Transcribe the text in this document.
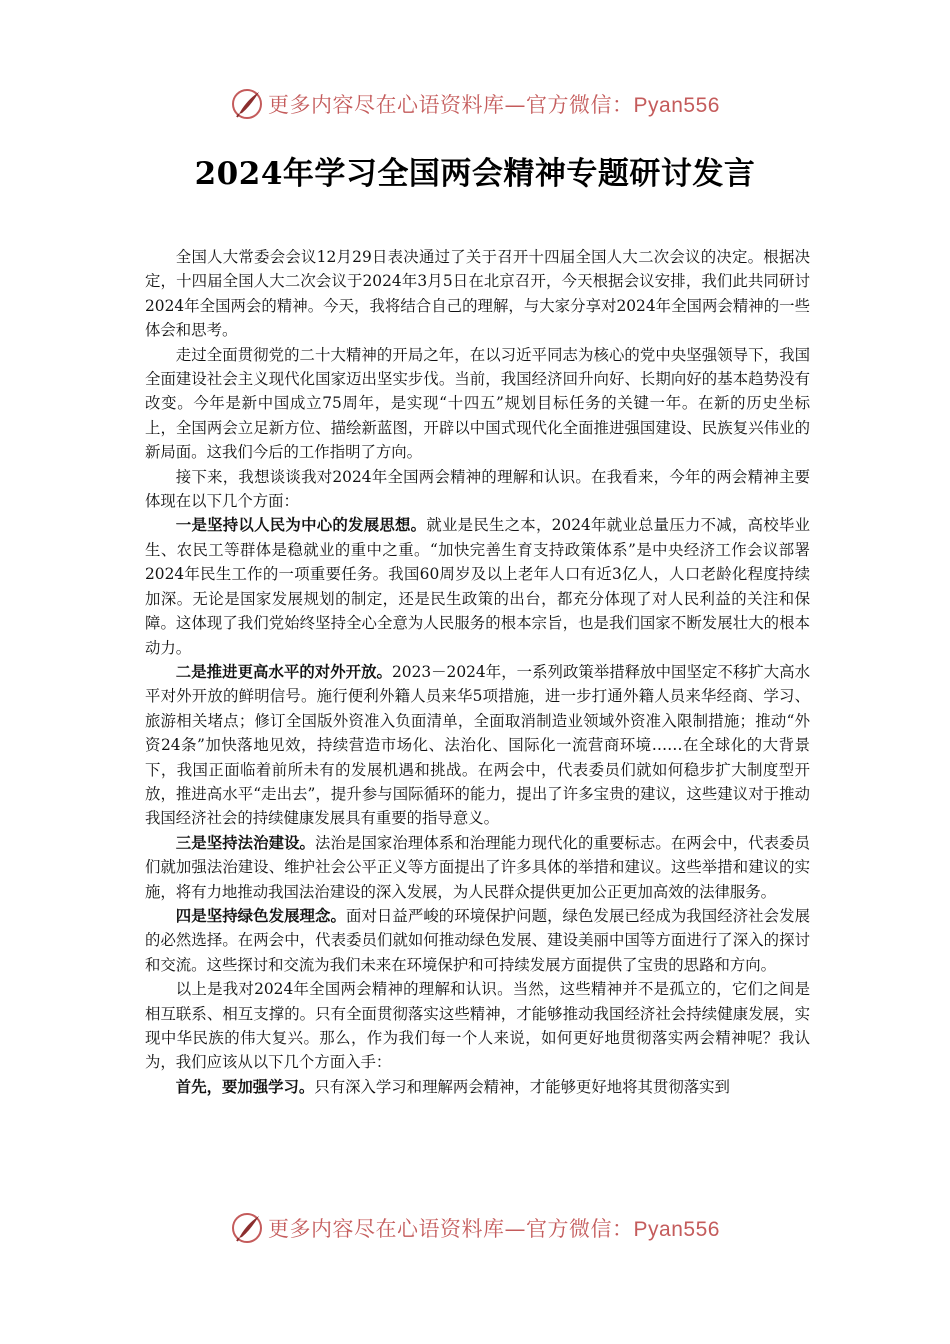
更多内容尽在心语资料库—官方微信：Pyan556
2024年学习全国两会精神专题研讨发言

全国人大常委会会议12月29日表决通过了关于召开十四届全国人大二次会议的决定。根据决定，十四届全国人大二次会议于2024年3月5日在北京召开，今天根据会议安排，我们此共同研讨2024年全国两会的精神。今天，我将结合自己的理解，与大家分享对2024年全国两会精神的一些体会和思考。

走过全面贯彻党的二十大精神的开局之年，在以习近平同志为核心的党中央坚强领导下，我国全面建设社会主义现代化国家迈出坚实步伐。当前，我国经济回升向好、长期向好的基本趋势没有改变。今年是新中国成立75周年，是实现“十四五”规划目标任务的关键一年。在新的历史坐标上，全国两会立足新方位、描绘新蓝图，开辟以中国式现代化全面推进强国建设、民族复兴伟业的新局面。这我们今后的工作指明了方向。

接下来，我想谈谈我对2024年全国两会精神的理解和认识。在我看来，今年的两会精神主要体现在以下几个方面：

一是坚持以人民为中心的发展思想。就业是民生之本，2024年就业总量压力不减，高校毕业生、农民工等群体是稳就业的重中之重。“加快完善生育支持政策体系”是中央经济工作会议部署2024年民生工作的一项重要任务。我国60周岁及以上老年人口有近3亿人，人口老龄化程度持续加深。无论是国家发展规划的制定，还是民生政策的出台，都充分体现了对人民利益的关注和保障。这体现了我们党始终坚持全心全意为人民服务的根本宗旨，也是我们国家不断发展壮大的根本动力。

二是推进更高水平的对外开放。2023－2024年，一系列政策举措释放中国坚定不移扩大高水平对外开放的鲜明信号。施行便利外籍人员来华5项措施，进一步打通外籍人员来华经商、学习、旅游相关堵点；修订全国版外资准入负面清单，全面取消制造业领域外资准入限制措施；推动“外资24条”加快落地见效，持续营造市场化、法治化、国际化一流营商环境……在全球化的大背景下，我国正面临着前所未有的发展机遇和挑战。在两会中，代表委员们就如何稳步扩大制度型开放，推进高水平“走出去”，提升参与国际循环的能力，提出了许多宝贵的建议，这些建议对于推动我国经济社会的持续健康发展具有重要的指导意义。

三是坚持法治建设。法治是国家治理体系和治理能力现代化的重要标志。在两会中，代表委员们就加强法治建设、维护社会公平正义等方面提出了许多具体的举措和建议。这些举措和建议的实施，将有力地推动我国法治建设的深入发展，为人民群众提供更加公正更加高效的法律服务。

四是坚持绿色发展理念。面对日益严峻的环境保护问题，绿色发展已经成为我国经济社会发展的必然选择。在两会中，代表委员们就如何推动绿色发展、建设美丽中国等方面进行了深入的探讨和交流。这些探讨和交流为我们未来在环境保护和可持续发展方面提供了宝贵的思路和方向。

以上是我对2024年全国两会精神的理解和认识。当然，这些精神并不是孤立的，它们之间是相互联系、相互支撑的。只有全面贯彻落实这些精神，才能够推动我国经济社会持续健康发展，实现中华民族的伟大复兴。那么，作为我们每一个人来说，如何更好地贯彻落实两会精神呢？我认为，我们应该从以下几个方面入手：

首先，要加强学习。只有深入学习和理解两会精神，才能够更好地将其贯彻落实到

更多内容尽在心语资料库—官方微信：Pyan556
